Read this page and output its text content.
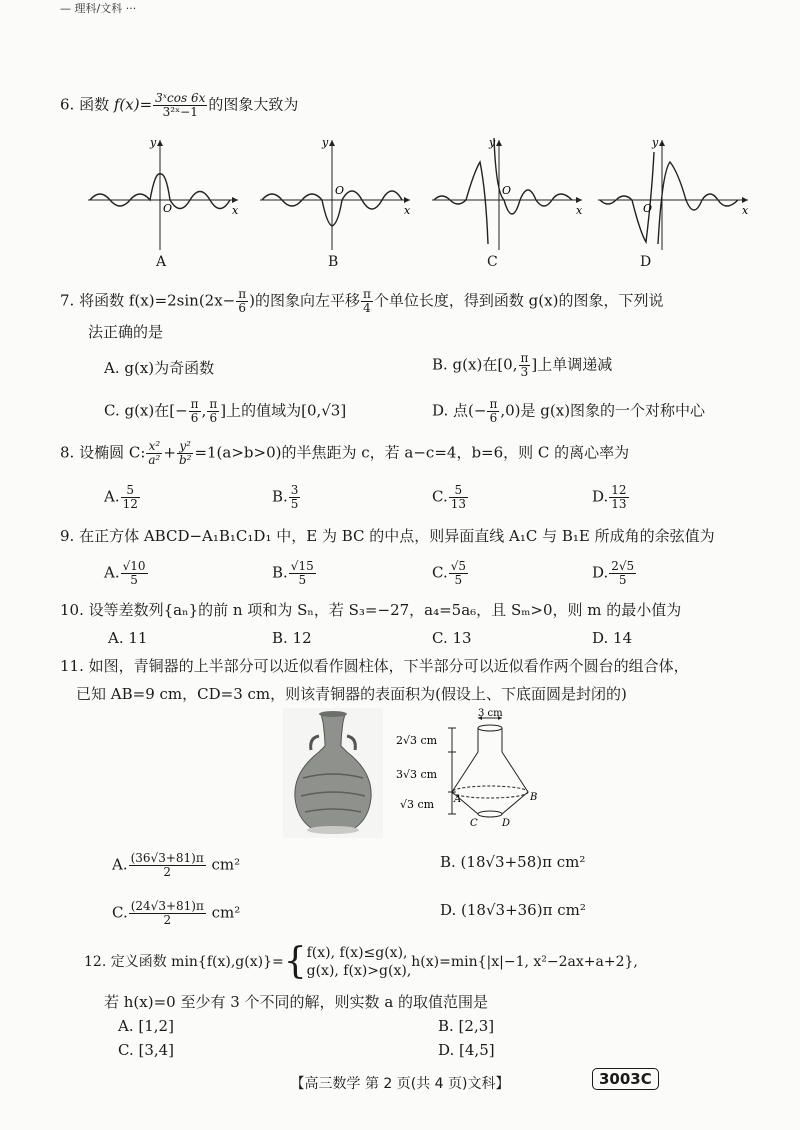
— 理科/文科 ···
6. 函数 $f(x)= \frac{\text{3ˣcos 6x}}{\text{3²ˣ−1}}$ 的图象大致为
y
x
O
y
x
O
y
x
O
y
x
O
A	B	C	D
7. 将函数 $f(x)=2\sin(2x- \frac{\pi}{6}$ )的图象向左平移 $\frac{\pi}{4}$ 个单位长度，得到函数 g(x)的图象，下列说
法正确的是
A. g(x)为奇函数	B. g(x)在[0, $\frac{\pi}{3}$ ]上单调递减
C. g(x)在[− $\frac{\pi}{6}$ , $\frac{\pi}{6}$ ]上的值域为[0,√3]	D. 点(− $\frac{\pi}{6} ,0$)是 g(x)图象的一个对称中心
8. 设椭圆 C: $\frac{\text{x²}}{\text{a²}} + \frac{\text{y²}}{\text{b²}} =1(a>b>0)$的半焦距为 c，若 a−c=4，b=6，则 C 的离心率为
A. $\frac{5}{12}$	B. $\frac{3}{5}$	C. $\frac{5}{13}$	D. $\frac{12}{13}$
9. 在正方体 ABCD−A₁B₁C₁D₁ 中，E 为 BC 的中点，则异面直线 A₁C 与 B₁E 所成角的余弦值为
A. $\frac{√10}{5}$	B. $\frac{√15}{5}$	C. $\frac{√5}{5}$	D. $\frac{2√5}{5}$
10. 设等差数列{aₙ}的前 n 项和为 Sₙ，若 S₃=−27，a₄=5a₆，且 Sₘ>0，则 m 的最小值为
A. 11	B. 12	C. 13	D. 14
11. 如图，青铜器的上半部分可以近似看作圆柱体，下半部分可以近似看作两个圆台的组合体，
已知 AB=9 cm，CD=3 cm，则该青铜器的表面积为(假设上、下底面圆是封闭的)
3 cm
2√3 cm
3√3 cm
√3 cm A	B
C D
A. $\frac{(36√3+81)\pi}{2} cm^2$	B. (18√3+58)π cm²
C. $\frac{(24√3+81)\pi}{2} cm^2$	D. (18√3+36)π cm²
12. 定义函数 min{f(x),g(x)}={ f(x), f(x)≤g(x),
g(x), f(x)>g(x),
h(x)=min{|x|−1, x²−2ax+a+2},
若 h(x)=0 至少有 3 个不同的解，则实数 a 的取值范围是
A. [1,2]	B. [2,3]
C. [3,4]	D. [4,5]
【高三数学 第 2 页(共 4 页)文科】	3003C
